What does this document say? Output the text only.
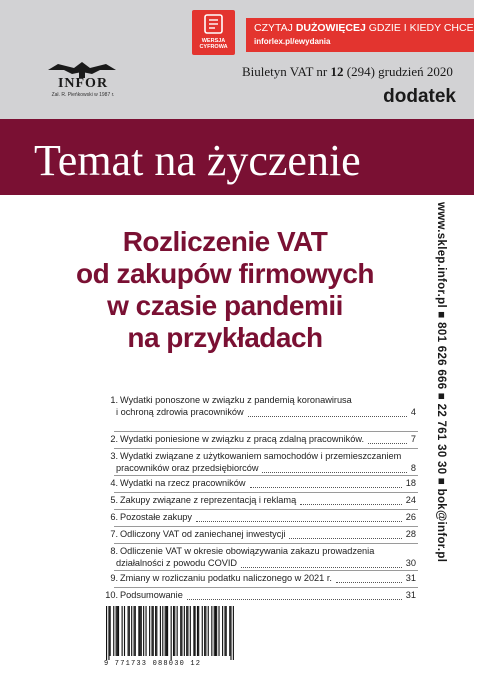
INFOR
Zał. R. Pieńkowski w 1987 r.
WERSJA
CYFROWA
CZYTAJ DUŻOWIĘCEJ GDZIE I KIEDY CHCESZ
inforlex.pl/ewydania
Biuletyn VAT nr 12 (294) grudzień 2020
dodatek
Temat na życzenie
Rozliczenie VAT
od zakupów firmowych
w czasie pandemii
na przykładach	www.sklep.infor.pl ■ 801 626 666 ■ 22 761 30 30 ■ bok@infor.pl
1. Wydatki ponoszone w związku z pandemią koronawirusa
i ochroną zdrowia pracowników	4
2. Wydatki poniesione w związku z pracą zdalną pracowników.	7
3. Wydatki związane z użytkowaniem samochodów i przemieszczaniem
pracowników oraz przedsiębiorców	8
4. Wydatki na rzecz pracowników	18
5. Zakupy związane z reprezentacją i reklamą	24
6. Pozostałe zakupy	26
7. Odliczony VAT od zaniechanej inwestycji	28
8. Odliczenie VAT w okresie obowiązywania zakazu prowadzenia
działalności z powodu COVID	30
9. Zmiany w rozliczaniu podatku naliczonego w 2021 r.	31
10. Podsumowanie	31
9 771733 088030 12
